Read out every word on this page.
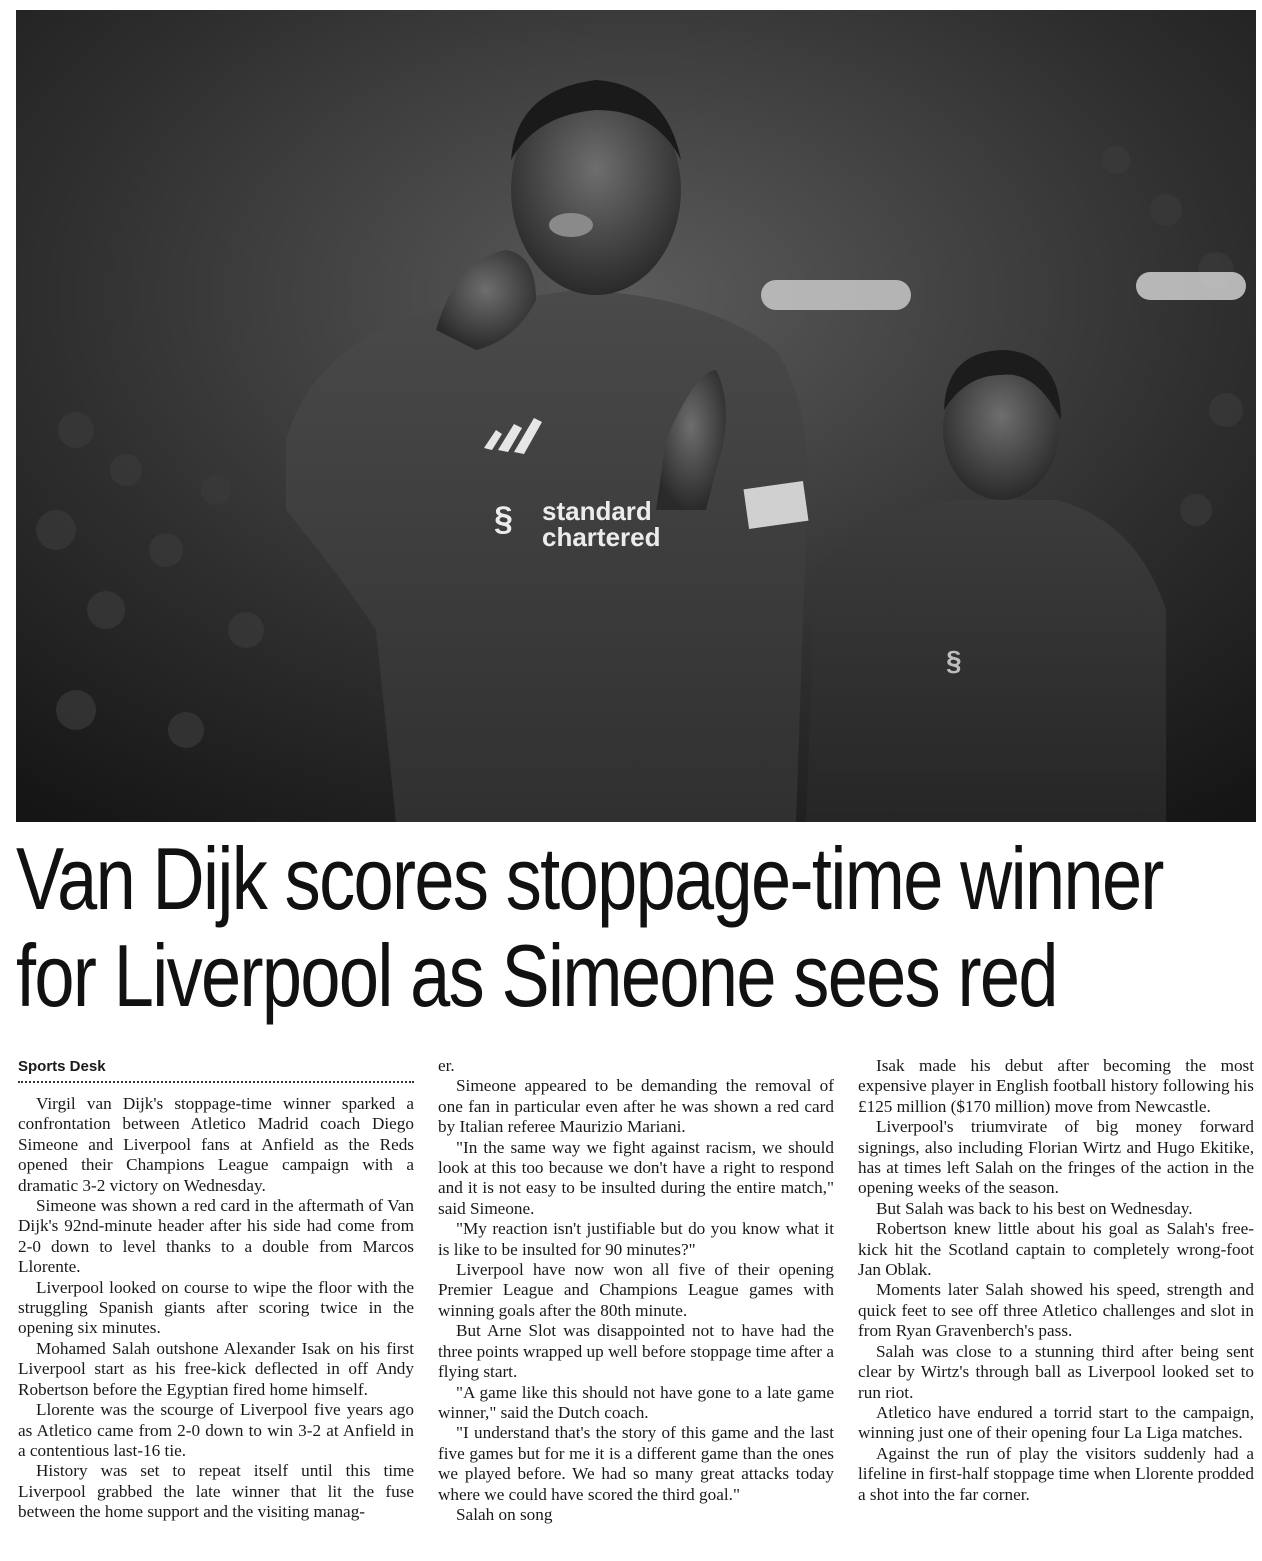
§
§ standard
chartered
Van Dijk scores stoppage-time winner
for Liverpool as Simeone sees red
Sports Desk

Virgil van Dijk's stoppage-time winner sparked a confrontation between Atletico Madrid coach Diego Simeone and Liverpool fans at Anfield as the Reds opened their Champions League campaign with a dramatic 3-2 victory on Wednesday.

Simeone was shown a red card in the aftermath of Van Dijk's 92nd-minute header after his side had come from 2-0 down to level thanks to a double from Marcos Llorente.

Liverpool looked on course to wipe the floor with the struggling Spanish giants after scoring twice in the opening six minutes.

Mohamed Salah outshone Alexander Isak on his first Liverpool start as his free-kick deflected in off Andy Robertson before the Egyptian fired home himself.

Llorente was the scourge of Liverpool five years ago as Atletico came from 2-0 down to win 3-2 at Anfield in a contentious last-16 tie.

History was set to repeat itself until this time Liverpool grabbed the late winner that lit the fuse between the home support and the visiting manag-

er.

Simeone appeared to be demanding the removal of one fan in particular even after he was shown a red card by Italian referee Maurizio Mariani.

"In the same way we fight against racism, we should look at this too because we don't have a right to respond and it is not easy to be insulted during the entire match," said Simeone.

"My reaction isn't justifiable but do you know what it is like to be insulted for 90 minutes?"

Liverpool have now won all five of their opening Premier League and Champions League games with winning goals after the 80th minute.

But Arne Slot was disappointed not to have had the three points wrapped up well before stoppage time after a flying start.

"A game like this should not have gone to a late game winner," said the Dutch coach.

"I understand that's the story of this game and the last five games but for me it is a different game than the ones we played before. We had so many great attacks today where we could have scored the third goal."

Salah on song

Isak made his debut after becoming the most expensive player in English football history following his £125 million ($170 million) move from Newcastle.

Liverpool's triumvirate of big money forward signings, also including Florian Wirtz and Hugo Ekitike, has at times left Salah on the fringes of the action in the opening weeks of the season.

But Salah was back to his best on Wednesday.

Robertson knew little about his goal as Salah's free-kick hit the Scotland captain to completely wrong-foot Jan Oblak.

Moments later Salah showed his speed, strength and quick feet to see off three Atletico challenges and slot in from Ryan Gravenberch's pass.

Salah was close to a stunning third after being sent clear by Wirtz's through ball as Liverpool looked set to run riot.

Atletico have endured a torrid start to the campaign, winning just one of their opening four La Liga matches.

Against the run of play the visitors suddenly had a lifeline in first-half stoppage time when Llorente prodded a shot into the far corner.
